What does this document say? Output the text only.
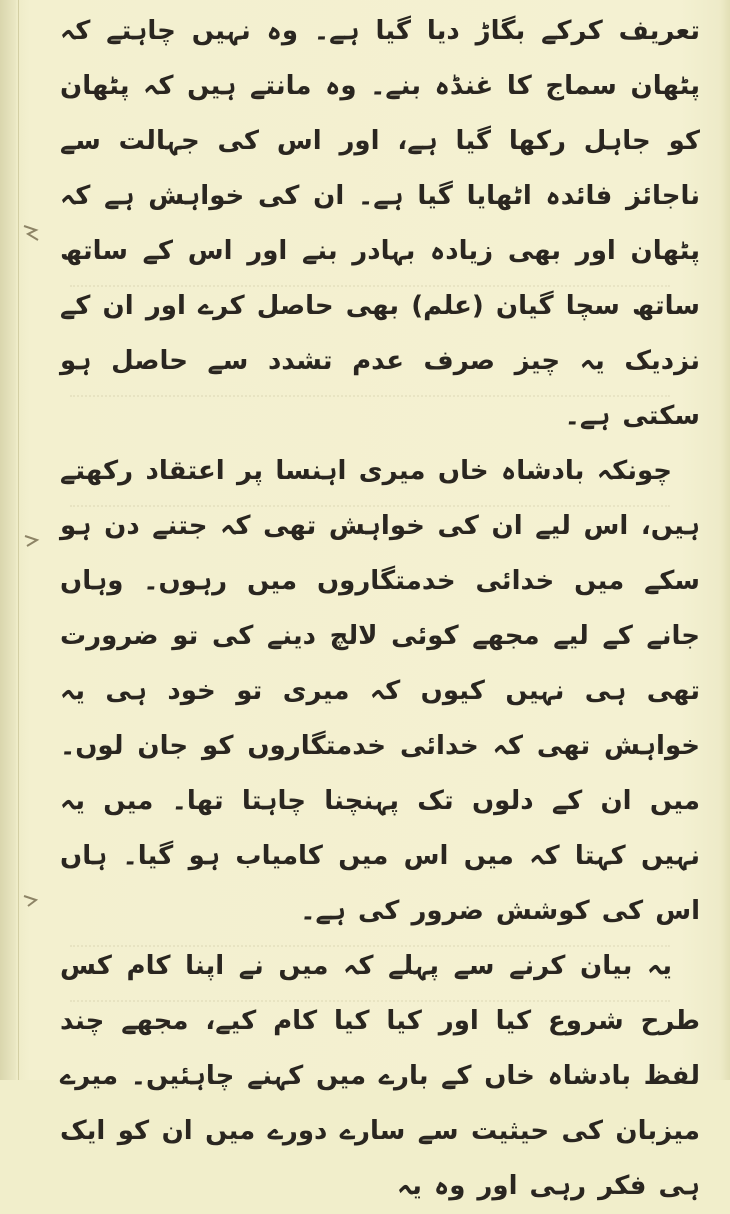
تعریف کرکے بگاڑ دیا گیا ہے۔ وہ نہیں چاہتے کہ پٹھان سماج کا غنڈہ بنے۔ وہ مانتے ہیں کہ پٹھان کو جاہل رکھا گیا ہے، اور اس کی جہالت سے ناجائز فائدہ اٹھایا گیا ہے۔ ان کی خواہش ہے کہ پٹھان اور بھی زیادہ بہادر بنے اور اس کے ساتھ ساتھ سچا گیان (علم) بھی حاصل کرے اور ان کے نزدیک یہ چیز صرف عدم تشدد سے حاصل ہو سکتی ہے۔

چونکہ بادشاہ خاں میری اہنسا پر اعتقاد رکھتے ہیں، اس لیے ان کی خواہش تھی کہ جتنے دن ہو سکے میں خدائی خدمتگاروں میں رہوں۔ وہاں جانے کے لیے مجھے کوئی لالچ دینے کی تو ضرورت تھی ہی نہیں کیوں کہ میری تو خود ہی یہ خواہش تھی کہ خدائی خدمتگاروں کو جان لوں۔ میں ان کے دلوں تک پہنچنا چاہتا تھا۔ میں یہ نہیں کہتا کہ میں اس میں کامیاب ہو گیا۔ ہاں اس کی کوشش ضرور کی ہے۔

یہ بیان کرنے سے پہلے کہ میں نے اپنا کام کس طرح شروع کیا اور کیا کیا کام کیے، مجھے چند لفظ بادشاہ خاں کے بارے میں کہنے چاہئیں۔ میرے میزبان کی حیثیت سے سارے دورے میں ان کو ایک ہی فکر رہی اور وہ یہ
